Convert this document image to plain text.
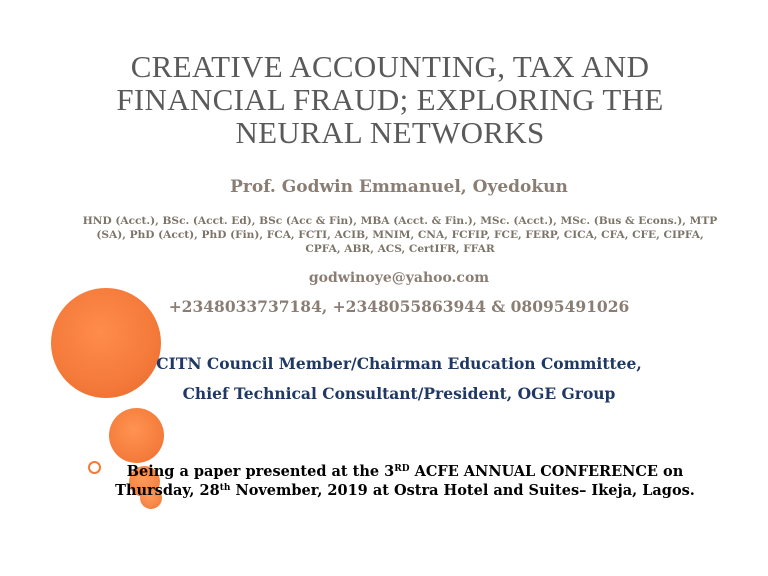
CREATIVE ACCOUNTING, TAX AND FINANCIAL FRAUD; EXPLORING THE NEURAL NETWORKS
Prof. Godwin Emmanuel, Oyedokun
HND (Acct.), BSc. (Acct. Ed), BSc (Acc & Fin), MBA (Acct. & Fin.), MSc. (Acct.), MSc. (Bus & Econs.), MTP (SA), PhD (Acct), PhD (Fin), FCA, FCTI, ACIB, MNIM, CNA, FCFIP, FCE, FERP, CICA, CFA, CFE, CIPFA, CPFA, ABR, ACS, CertIFR, FFAR
godwinoye@yahoo.com
+2348033737184, +2348055863944 & 08095491026
CITN Council Member/Chairman Education Committee,
Chief Technical Consultant/President, OGE Group
Being a paper presented at the 3RD ACFE ANNUAL CONFERENCE on
Thursday, 28th November, 2019 at Ostra Hotel and Suites– Ikeja, Lagos.
